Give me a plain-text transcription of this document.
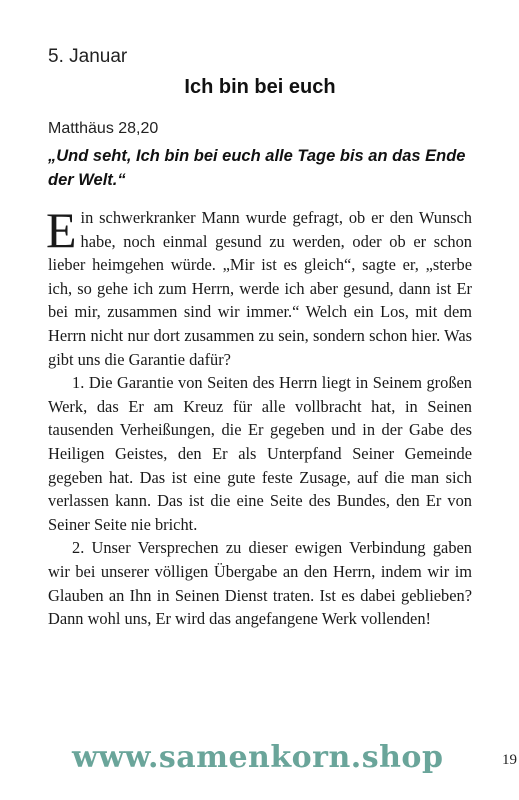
5. Januar
Ich bin bei euch
Matthäus 28,20
„Und seht, Ich bin bei euch alle Tage bis an das Ende der Welt.“

Ein schwerkranker Mann wurde gefragt, ob er den Wunsch habe, noch einmal gesund zu werden, oder ob er schon lieber heimgehen würde. „Mir ist es gleich“, sagte er, „sterbe ich, so gehe ich zum Herrn, werde ich aber gesund, dann ist Er bei mir, zusammen sind wir immer.“ Welch ein Los, mit dem Herrn nicht nur dort zusammen zu sein, sondern schon hier. Was gibt uns die Garantie dafür?

1. Die Garantie von Seiten des Herrn liegt in Seinem großen Werk, das Er am Kreuz für alle vollbracht hat, in Seinen tausenden Verheißungen, die Er gegeben und in der Gabe des Heiligen Geistes, den Er als Unterpfand Seiner Gemeinde gegeben hat. Das ist eine gute feste Zusage, auf die man sich verlassen kann. Das ist die eine Seite des Bundes, den Er von Seiner Seite nie bricht.

2. Unser Versprechen zu dieser ewigen Verbindung gaben wir bei unserer völligen Übergabe an den Herrn, indem wir im Glauben an Ihn in Seinen Dienst traten. Ist es dabei geblieben? Dann wohl uns, Er wird das angefangene Werk vollenden!

19
www.samenkorn.shop
